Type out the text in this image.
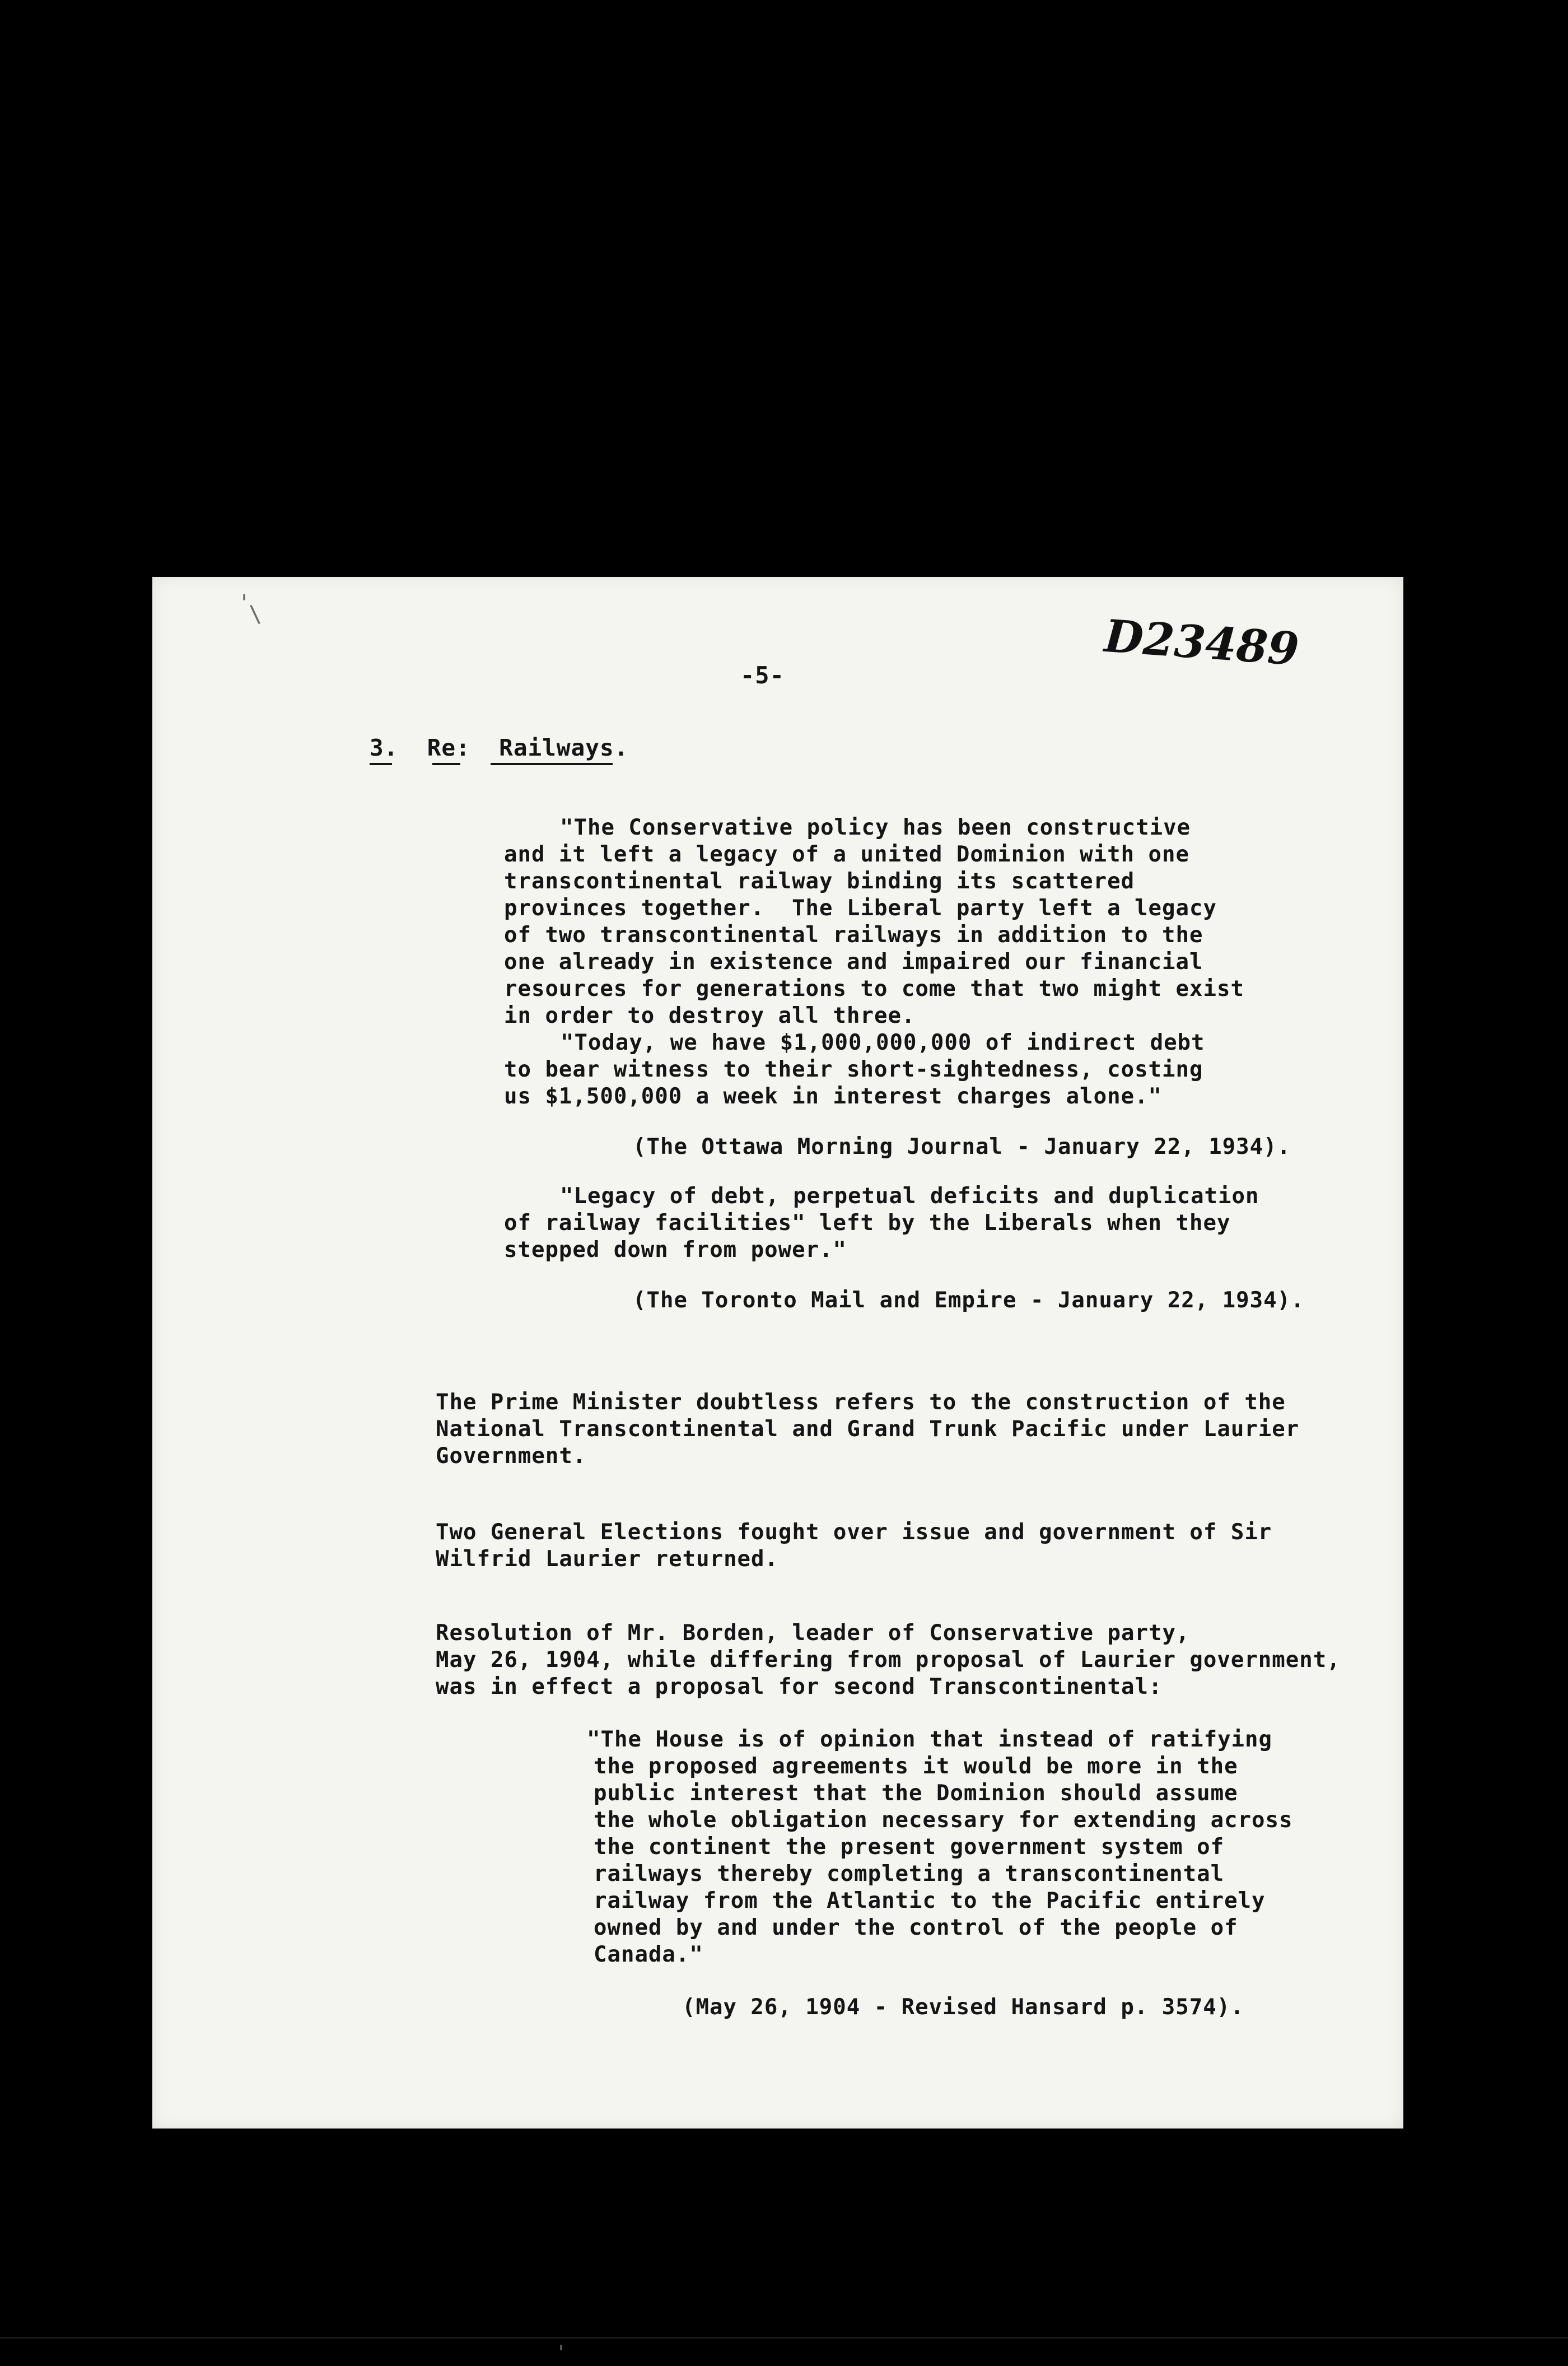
'
\
-5-	D23489
3.  Re:  Railways.
"The Conservative policy has been constructive
and it left a legacy of a united Dominion with one
transcontinental railway binding its scattered
provinces together.  The Liberal party left a legacy
of two transcontinental railways in addition to the
one already in existence and impaired our financial
resources for generations to come that two might exist
in order to destroy all three.
"Today, we have $1,000,000,000 of indirect debt
to bear witness to their short-sightedness, costing
us $1,500,000 a week in interest charges alone."
(The Ottawa Morning Journal - January 22, 1934).
"Legacy of debt, perpetual deficits and duplication
of railway facilities" left by the Liberals when they
stepped down from power."
(The Toronto Mail and Empire - January 22, 1934).
The Prime Minister doubtless refers to the construction of the
National Transcontinental and Grand Trunk Pacific under Laurier
Government.
Two General Elections fought over issue and government of Sir
Wilfrid Laurier returned.
Resolution of Mr. Borden, leader of Conservative party,
May 26, 1904, while differing from proposal of Laurier government,
was in effect a proposal for second Transcontinental:
"The House is of opinion that instead of ratifying
the proposed agreements it would be more in the
public interest that the Dominion should assume
the whole obligation necessary for extending across
the continent the present government system of
railways thereby completing a transcontinental
railway from the Atlantic to the Pacific entirely
owned by and under the control of the people of
Canada."
(May 26, 1904 - Revised Hansard p. 3574).
